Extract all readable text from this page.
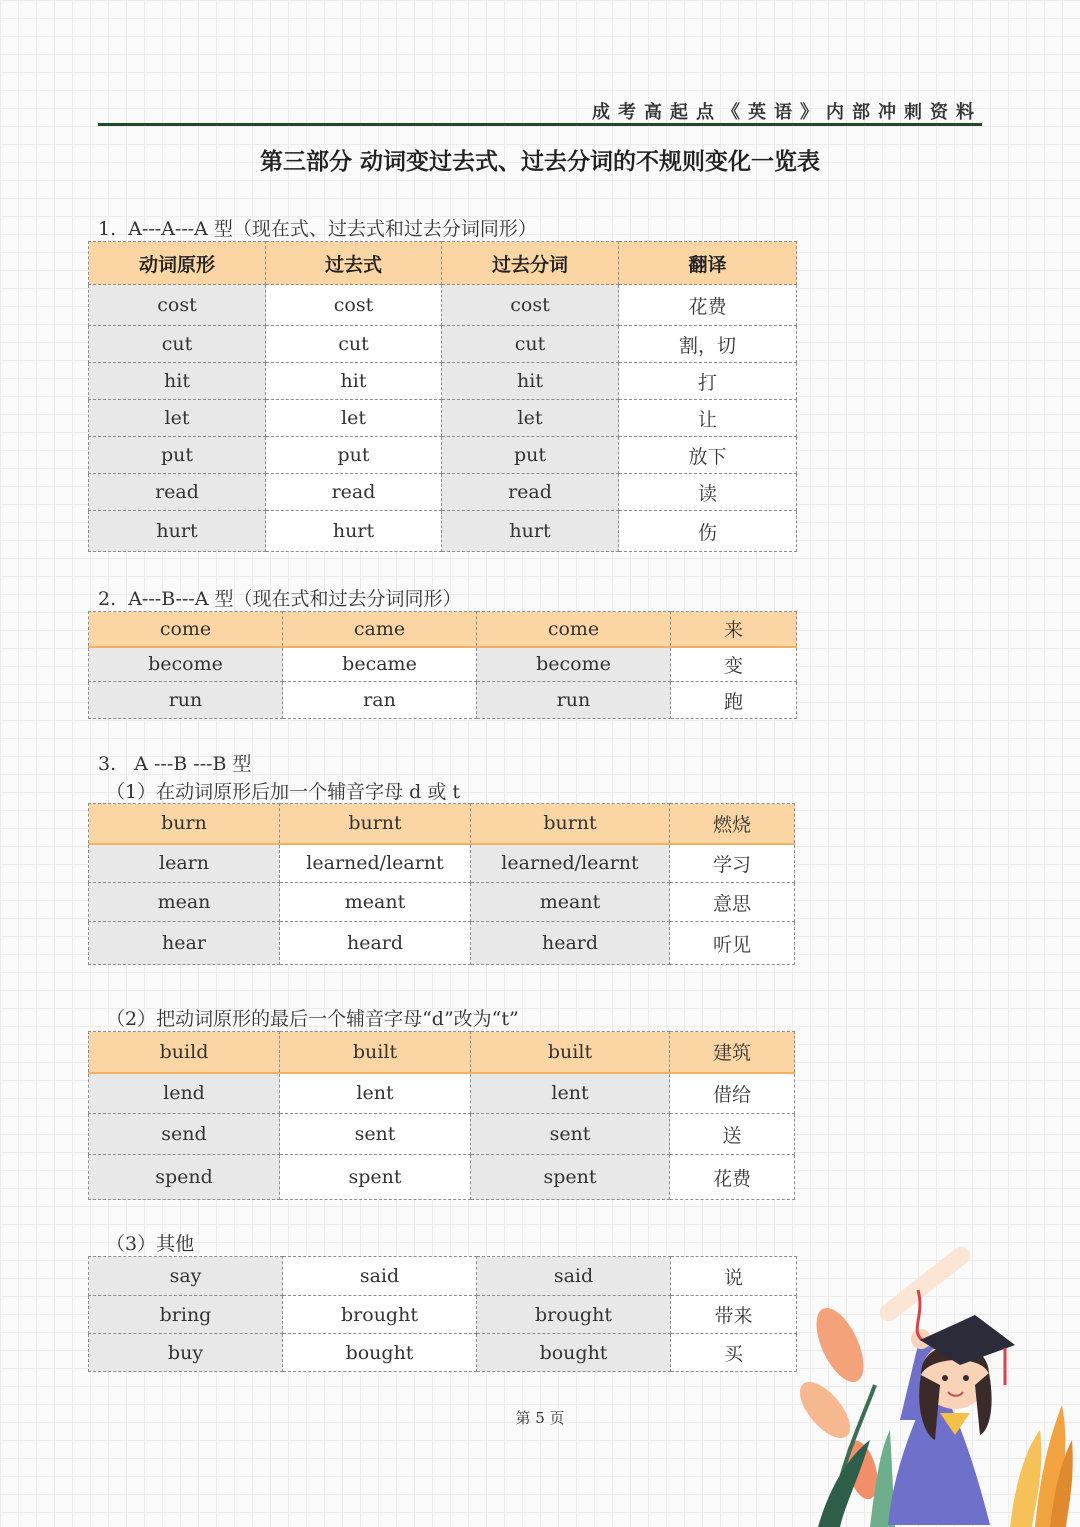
成考高起点《英语》内部冲刺资料
第三部分 动词变过去式、过去分词的不规则变化一览表
1.  A---A---A 型（现在式、过去式和过去分词同形）
动词原形	过去式	过去分词	翻译
cost	cost	cost	花费
cut	cut	cut	割，切
hit	hit	hit	打
let	let	let	让
put	put	put	放下
read	read	read	读
hurt	hurt	hurt	伤
2.  A---B---A 型（现在式和过去分词同形）
come	came	come	来
become	became	become	变
run	ran	run	跑
3.   A ---B ---B 型
（1）在动词原形后加一个辅音字母 d 或 t
burn	burnt	burnt	燃烧
learn	learned/learnt	learned/learnt	学习
mean	meant	meant	意思
hear	heard	heard	听见
（2）把动词原形的最后一个辅音字母“d”改为“t”
build	built	built	建筑
lend	lent	lent	借给
send	sent	sent	送
spend	spent	spent	花费
（3）其他
say	said	said	说
bring	brought	brought	带来
buy	bought	bought	买
第 5 页
